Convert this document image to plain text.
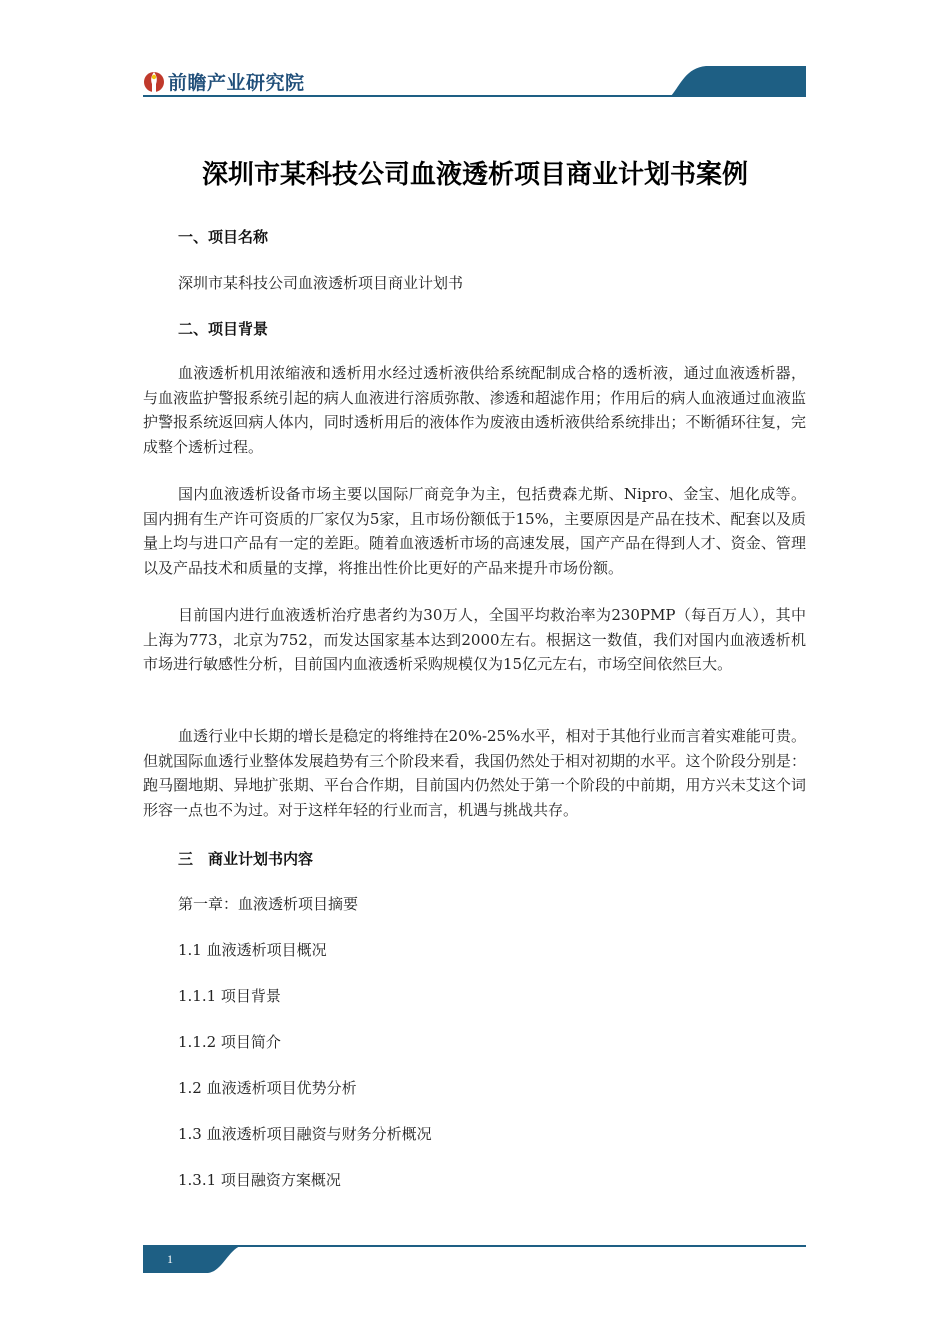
前瞻产业研究院
深圳市某科技公司血液透析项目商业计划书案例
一、项目名称
深圳市某科技公司血液透析项目商业计划书
二、项目背景
血液透析机用浓缩液和透析用水经过透析液供给系统配制成合格的透析液，通过血液透析器，与血液监护警报系统引起的病人血液进行溶质弥散、渗透和超滤作用；作用后的病人血液通过血液监护警报系统返回病人体内，同时透析用后的液体作为废液由透析液供给系统排出；不断循环往复，完成整个透析过程。
国内血液透析设备市场主要以国际厂商竞争为主，包括费森尤斯、Nipro、金宝、旭化成等。国内拥有生产许可资质的厂家仅为5家，且市场份额低于15%，主要原因是产品在技术、配套以及质量上均与进口产品有一定的差距。随着血液透析市场的高速发展，国产产品在得到人才、资金、管理以及产品技术和质量的支撑，将推出性价比更好的产品来提升市场份额。
目前国内进行血液透析治疗患者约为30万人，全国平均救治率为230PMP（每百万人），其中上海为773，北京为752，而发达国家基本达到2000左右。根据这一数值，我们对国内血液透析机市场进行敏感性分析，目前国内血液透析采购规模仅为15亿元左右，市场空间依然巨大。
血透行业中长期的增长是稳定的将维持在20%-25%水平，相对于其他行业而言着实难能可贵。但就国际血透行业整体发展趋势有三个阶段来看，我国仍然处于相对初期的水平。这个阶段分别是：跑马圈地期、异地扩张期、平台合作期，目前国内仍然处于第一个阶段的中前期，用方兴未艾这个词形容一点也不为过。对于这样年轻的行业而言，机遇与挑战共存。
三　商业计划书内容
第一章：血液透析项目摘要
1.1 血液透析项目概况
1.1.1 项目背景
1.1.2 项目简介
1.2 血液透析项目优势分析
1.3 血液透析项目融资与财务分析概况
1.3.1 项目融资方案概况
1
